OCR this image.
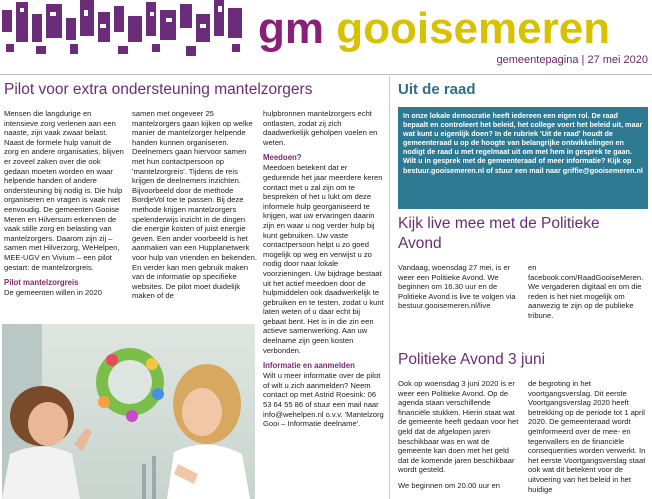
gm gooisemeren
gemeentepagina | 27 mei 2020
Pilot voor extra ondersteuning mantelzorgers

Mensen die langdurige en intensieve zorg verlenen aan een naaste, zijn vaak zwaar belast. Naast de formele hulp vanuit de zorg en andere organisaties, blijven er zoveel zaken over die ook gedaan moeten worden en waar helpende handen of andere ondersteuning bij nodig is. Die hulp organiseren en vragen is vaak niet eenvoudig. De gemeenten Gooise Meren en Hilversum erkennen de vaak stille zorg en belasting van mantelzorgers. Daarom zijn zij – samen met Hilverzorg, WeHelpen, MEE-UGV en Vivium – een pilot gestart: de mantelzorgreis.

Pilot mantelzorgreis

De gemeenten willen in 2020

samen met ongeveer 25 mantelzorgers gaan kijken op welke manier de mantelzorger helpende handen kunnen organiseren. Deelnemers gaan hiervoor samen met hun contactpersoon op 'mantelzorgreis'. Tijdens de reis krijgen de deelnemers inzichten. Bijvoorbeeld door de methode BordjeVol toe te passen. Bij deze methode krijgen mantelzorgers spelenderwijs inzicht in de dingen die energie kosten of juist energie geven. Een ander voorbeeld is het aanmaken van een Hupplanetwerk voor hulp van vrienden en bekenden. En verder kan men gebruik maken van de informatie op specifieke websites. De pilot moet duidelijk maken of de

hulpbronnen mantelzorgers echt ontlasten, zodat zij zich daadwerkelijk geholpen voelen en weten.

Meedoen?

Meedoen betekent dat er gedurende het jaar meerdere keren contact met u zal zijn om te bespreken of het u lukt om deze informele hulp georganiseerd te krijgen, wat uw ervaringen daarin zijn en waar u nog verder hulp bij kunt gebruiken. Uw vaste contactpersoon helpt u zo goed mogelijk op weg en verwijst u zo nodig door naar lokale voorzieningen. Uw bijdrage bestaat uit het actief meedoen door de hulpmiddelen ook daadwerkelijk te gebruiken en te testen, zodat u kunt laten weten of u daar echt bij gebaat bent. Het is in die zin een actieve samenwerking. Aan uw deelname zijn geen kosten verbonden.

Informatie en aanmelden

Wilt u meer informatie over de pilot of wilt u zich aanmelden? Neem contact op met Astrid Roesink: 06 53 64 55 86 of stuur een mail naar info@wehelpen.nl o.v.v. 'Mantelzorg Gooi – Informatie deelname'.

Uit de raad
In onze lokale democratie heeft iedereen een eigen rol. De raad bepaalt en controleert het beleid, het college voert het beleid uit, maar wat kunt u eigenlijk doen? In de rubriek 'Uit de raad' houdt de gemeenteraad u op de hoogte van belangrijke ontwikkelingen en nodigt de raad u met regelmaat uit om met hem in gesprek te gaan. Wilt u in gesprek met de gemeenteraad of meer informatie? Kijk op bestuur.gooisemeren.nl of stuur een mail naar griffie@gooisemeren.nl
Kijk live mee met de Politieke Avond

Vandaag, woensdag 27 mei, is er weer een Politieke Avond. We beginnen om 16.30 uur en de Politieke Avond is live te volgen via bestuur.gooisemeren.nl/live

en facebook.com/RaadGooiseMeren. We vergaderen digitaal en om die reden is het niet mogelijk om aanwezig te zijn op de publieke tribune.

Politieke Avond 3 juni

Ook op woensdag 3 juni 2020 is er weer een Politieke Avond. Op de agenda staan verschillende financiële stukken. Hierin staat wat de gemeente heeft gedaan voor het geld dat de afgelopen jaren beschikbaar was en wat de gemeente kan doen met het geld dat de komende jaren beschikbaar wordt gesteld.

We beginnen om 20.00 uur en

de begroting in het voortgangsverslag. Dit eerste Voortgangsverslag 2020 heeft betrekking op de periode tot 1 april 2020. De gemeenteraad wordt geïnformeerd over de mee- en tegenvallers en de financiële consequenties worden verwerkt. In het eerste Voortgangsverslag staat ook wat dit betekent voor de uitvoering van het beleid in het huidige
